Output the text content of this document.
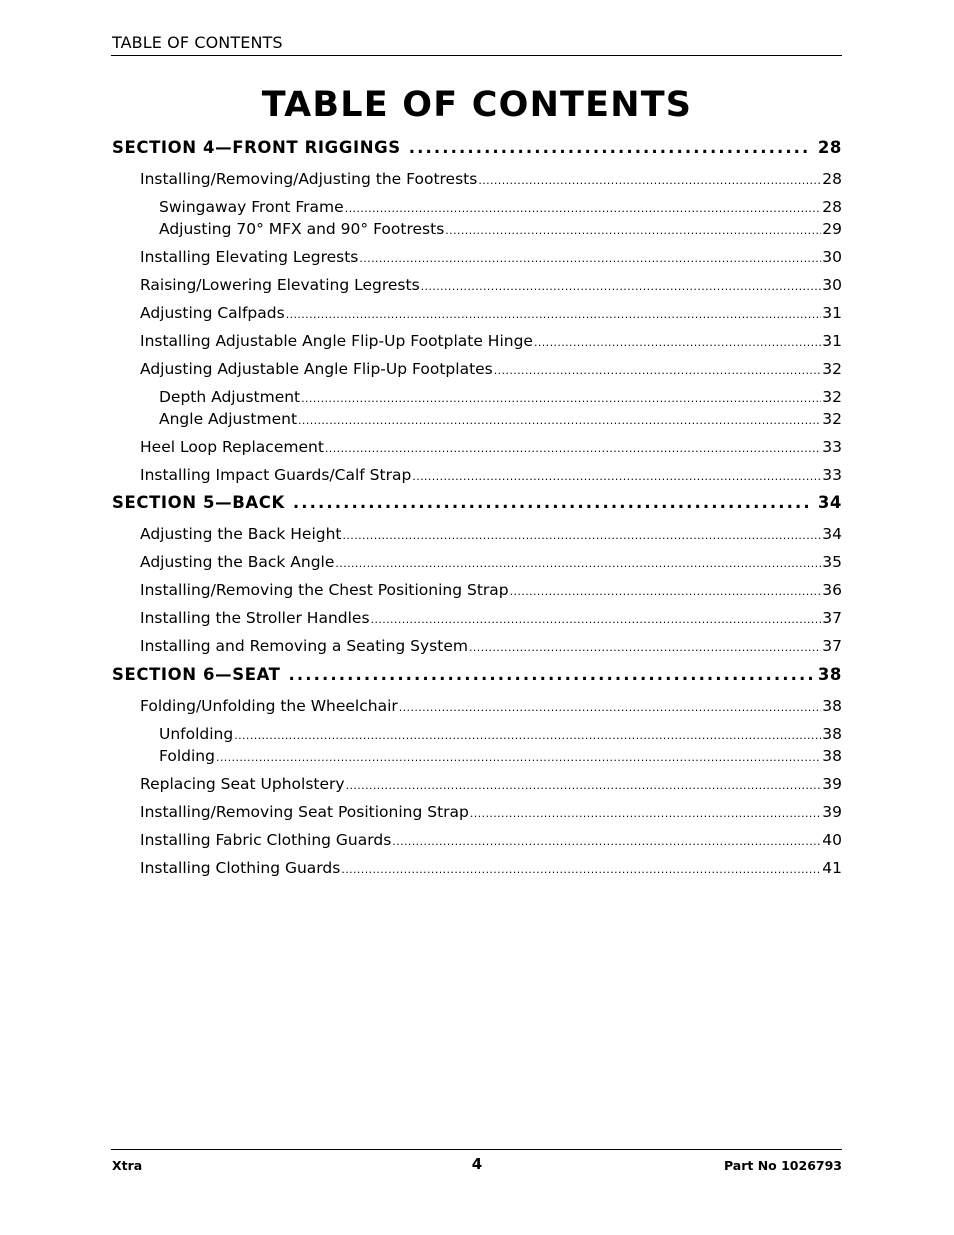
TABLE OF CONTENTS
TABLE OF CONTENTS
SECTION 4—FRONT RIGGINGS .....	28
Installing/Removing/Adjusting the Footrests .....	28
Swingaway Front Frame .....	28
Adjusting 70° MFX and 90° Footrests .....	29
Installing Elevating Legrests .....	30
Raising/Lowering Elevating Legrests .....	30
Adjusting Calfpads .....	31
Installing Adjustable Angle Flip-Up Footplate Hinge .....	31
Adjusting Adjustable Angle Flip-Up Footplates .....	32
Depth Adjustment .....	32
Angle Adjustment .....	32
Heel Loop Replacement .....	33
Installing Impact Guards/Calf Strap .....	33
SECTION 5—BACK .....	34
Adjusting the Back Height .....	34
Adjusting the Back Angle .....	35
Installing/Removing the Chest Positioning Strap .....	36
Installing the Stroller Handles .....	37
Installing and Removing a Seating System .....	37
SECTION 6—SEAT .....	38
Folding/Unfolding the Wheelchair .....	38
Unfolding .....	38
Folding .....	38
Replacing Seat Upholstery .....	39
Installing/Removing Seat Positioning Strap .....	39
Installing Fabric Clothing Guards .....	40
Installing Clothing Guards .....	41
Xtra	4	Part No 1026793
